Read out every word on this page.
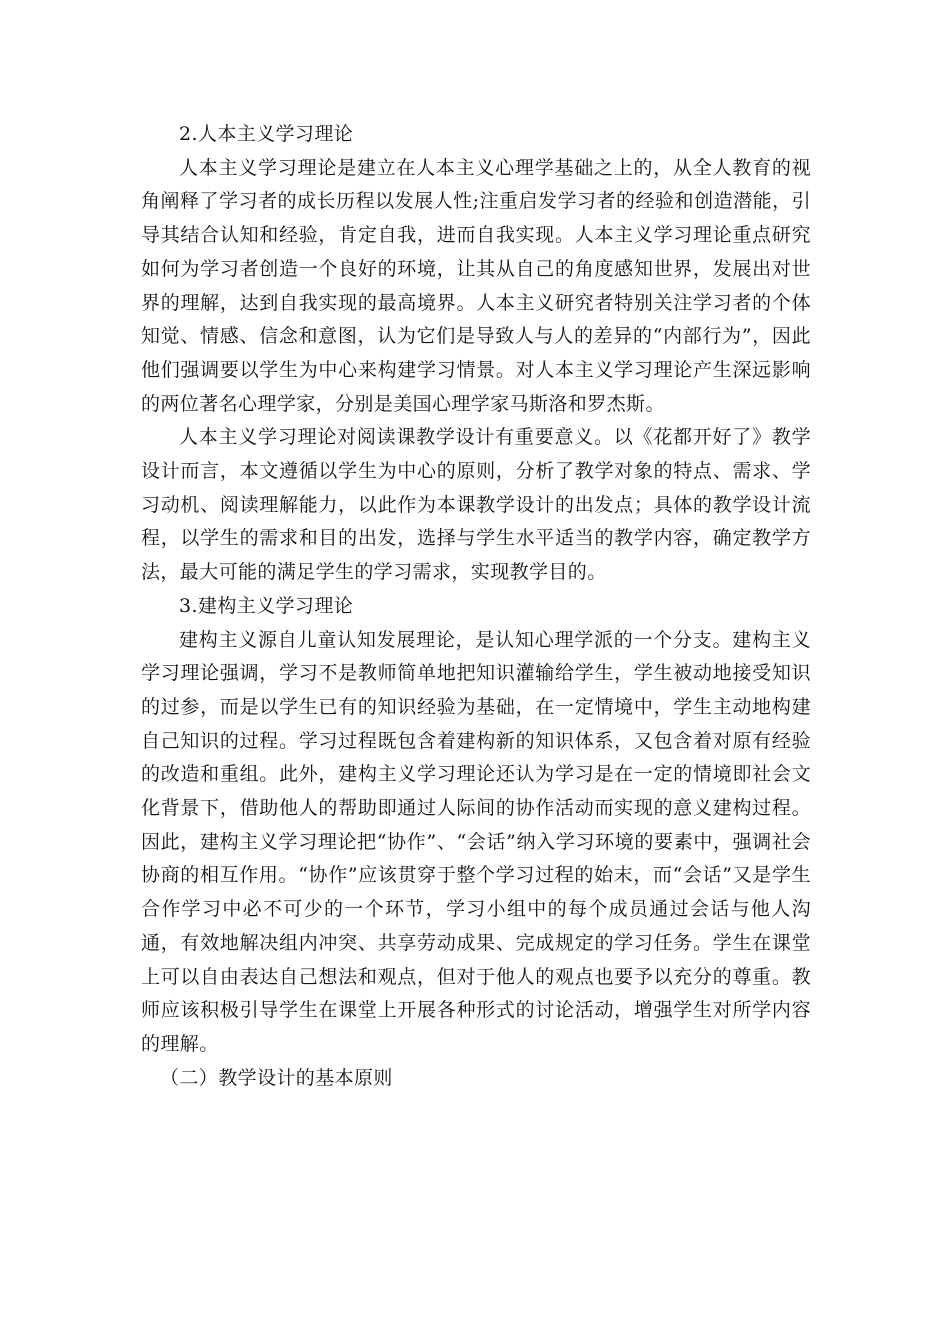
2.人本主义学习理论

人本主义学习理论是建立在人本主义心理学基础之上的，从全人教育的视角阐释了学习者的成长历程以发展人性;注重启发学习者的经验和创造潜能，引导其结合认知和经验，肯定自我，进而自我实现。人本主义学习理论重点研究如何为学习者创造一个良好的环境，让其从自己的角度感知世界，发展出对世界的理解，达到自我实现的最高境界。人本主义研究者特别关注学习者的个体知觉、情感、信念和意图，认为它们是导致人与人的差异的“内部行为”，因此他们强调要以学生为中心来构建学习情景。对人本主义学习理论产生深远影响的两位著名心理学家，分别是美国心理学家马斯洛和罗杰斯。

人本主义学习理论对阅读课教学设计有重要意义。以《花都开好了》教学设计而言，本文遵循以学生为中心的原则，分析了教学对象的特点、需求、学习动机、阅读理解能力，以此作为本课教学设计的出发点；具体的教学设计流程，以学生的需求和目的出发，选择与学生水平适当的教学内容，确定教学方法，最大可能的满足学生的学习需求，实现教学目的。

3.建构主义学习理论

建构主义源自儿童认知发展理论，是认知心理学派的一个分支。建构主义学习理论强调，学习不是教师简单地把知识灌输给学生，学生被动地接受知识的过参，而是以学生已有的知识经验为基础，在一定情境中，学生主动地构建自己知识的过程。学习过程既包含着建构新的知识体系，又包含着对原有经验的改造和重组。此外，建构主义学习理论还认为学习是在一定的情境即社会文化背景下，借助他人的帮助即通过人际间的协作活动而实现的意义建构过程。因此，建构主义学习理论把“协作”、“会话”纳入学习环境的要素中，强调社会协商的相互作用。“协作”应该贯穿于整个学习过程的始末，而“会话”又是学生合作学习中必不可少的一个环节，学习小组中的每个成员通过会话与他人沟通，有效地解决组内冲突、共享劳动成果、完成规定的学习任务。学生在课堂上可以自由表达自己想法和观点，但对于他人的观点也要予以充分的尊重。教师应该积极引导学生在课堂上开展各种形式的讨论活动，增强学生对所学内容的理解。

（二）教学设计的基本原则
